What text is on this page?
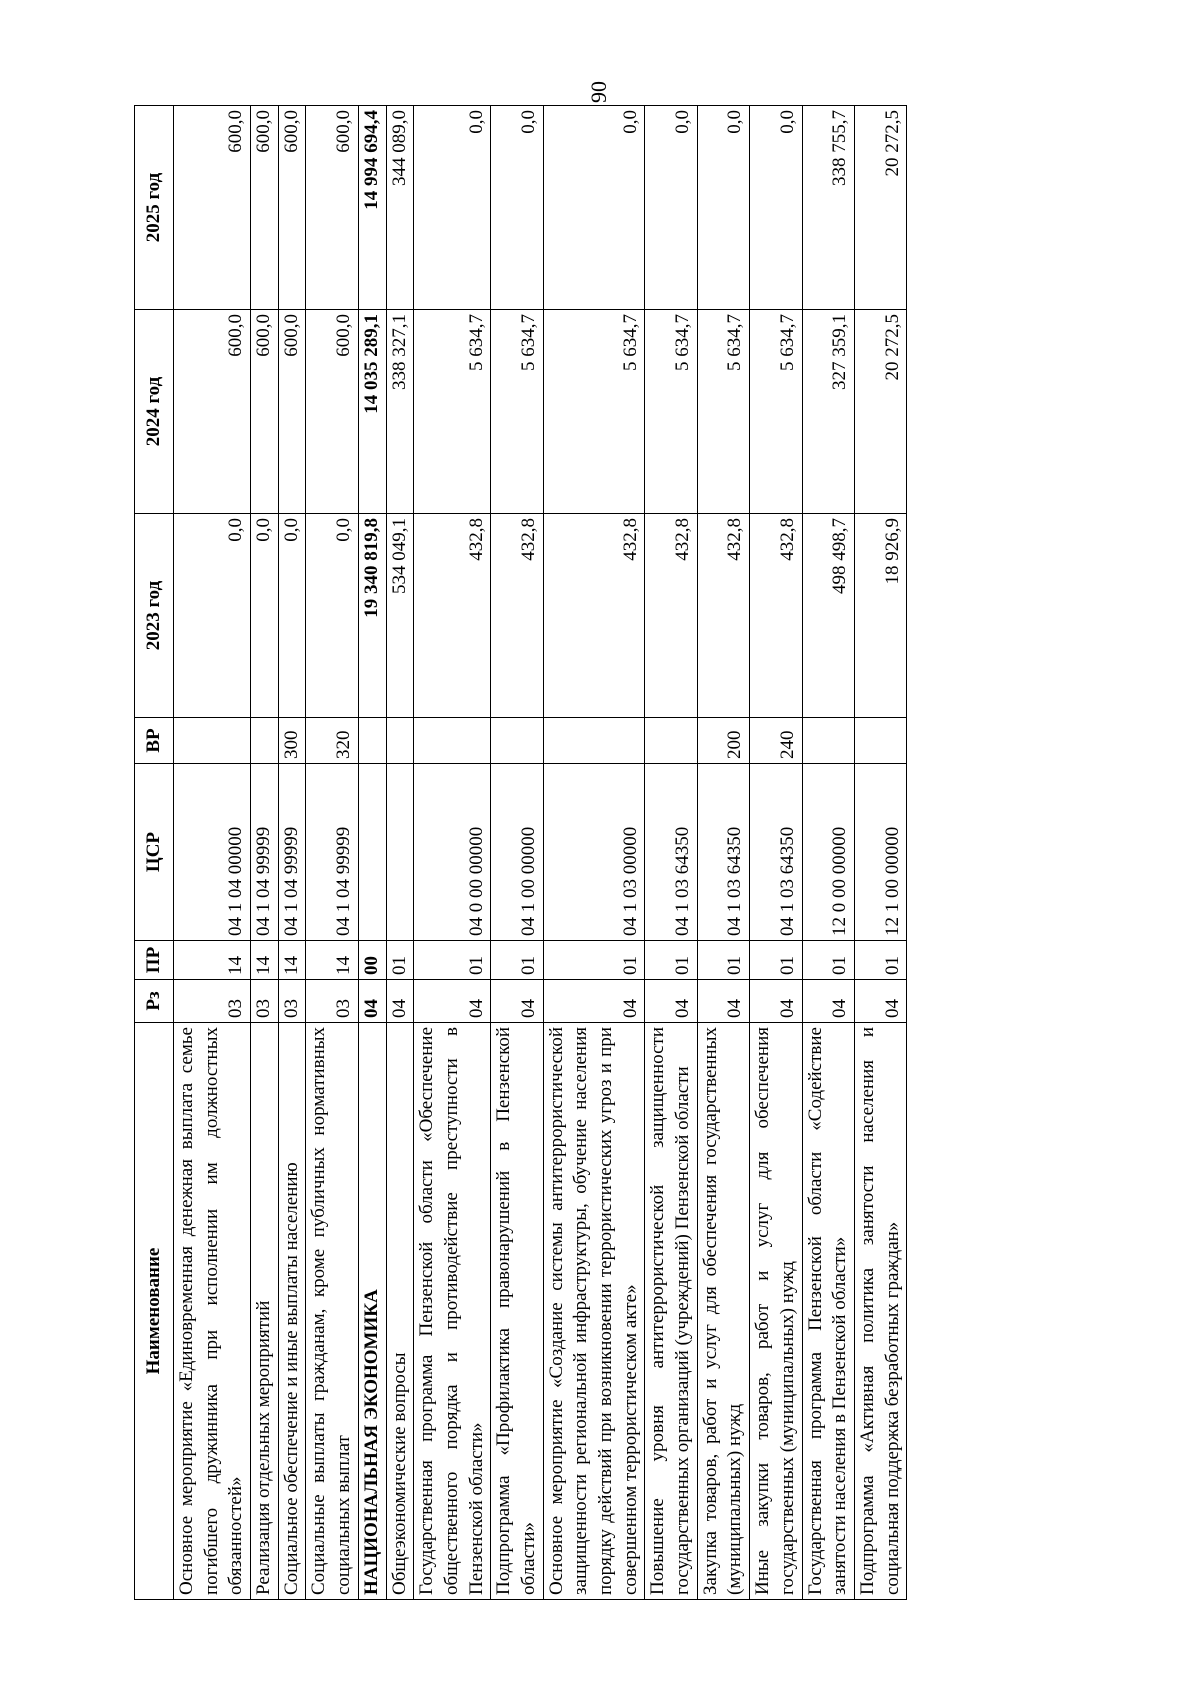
90
Наименование	Рз	ПР	ЦСР	ВР	2023 год	2024 год	2025 год
Основное мероприятие «Единовременная денежная выплата семье погибшего дружинника при исполнении им должностных обязанностей»	03	14	04 1 04 00000		0,0	600,0	600,0
Реализация отдельных мероприятий	03	14	04 1 04 99999		0,0	600,0	600,0
Социальное обеспечение и иные выплаты населению	03	14	04 1 04 99999	300	0,0	600,0	600,0
Социальные выплаты гражданам, кроме публичных нормативных социальных выплат	03	14	04 1 04 99999	320	0,0	600,0	600,0
НАЦИОНАЛЬНАЯ ЭКОНОМИКА	04	00			19 340 819,8	14 035 289,1	14 994 694,4
Общеэкономические вопросы	04	01			534 049,1	338 327,1	344 089,0
Государственная программа Пензенской области «Обеспечение общественного порядка и противодействие преступности в Пензенской области»	04	01	04 0 00 00000		432,8	5 634,7	0,0
Подпрограмма «Профилактика правонарушений в Пензенской области»	04	01	04 1 00 00000		432,8	5 634,7	0,0
Основное мероприятие «Создание системы антитеррористической защищенности региональной инфраструктуры, обучение населения порядку действий при возникновении террористических угроз и при совершенном террористическом акте»	04	01	04 1 03 00000		432,8	5 634,7	0,0
Повышение уровня антитеррористической защищенности государственных организаций (учреждений) Пензенской области	04	01	04 1 03 64350		432,8	5 634,7	0,0
Закупка товаров, работ и услуг для обеспечения государственных (муниципальных) нужд	04	01	04 1 03 64350	200	432,8	5 634,7	0,0
Иные закупки товаров, работ и услуг для обеспечения государственных (муниципальных) нужд	04	01	04 1 03 64350	240	432,8	5 634,7	0,0
Государственная программа Пензенской области «Содействие занятости населения в Пензенской области»	04	01	12 0 00 00000		498 498,7	327 359,1	338 755,7
Подпрограмма «Активная политика занятости населения и социальная поддержка безработных граждан»	04	01	12 1 00 00000		18 926,9	20 272,5	20 272,5
